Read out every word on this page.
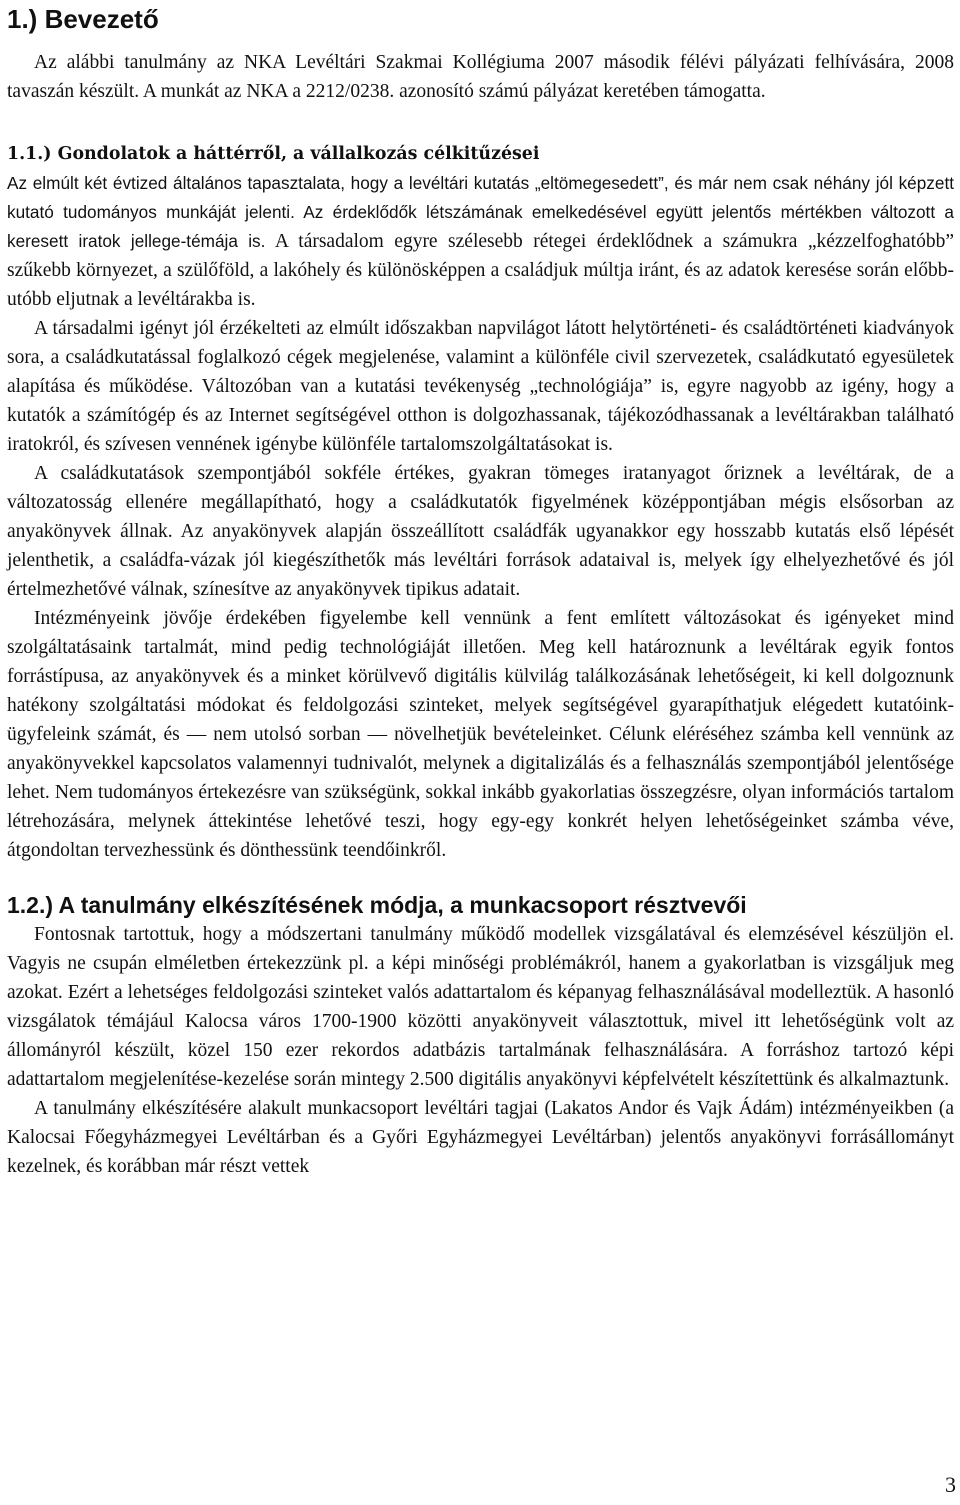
1.) Bevezető

Az alábbi tanulmány az NKA Levéltári Szakmai Kollégiuma 2007 második félévi pályázati felhívására, 2008 tavaszán készült. A munkát az NKA a 2212/0238. azonosító számú pályázat keretében támogatta.

1.1.) Gondolatok a háttérről, a vállalkozás célkitűzései

Az elmúlt két évtized általános tapasztalata, hogy a levéltári kutatás „eltömegesedett”, és már nem csak néhány jól képzett kutató tudományos munkáját jelenti. Az érdeklődők létszámának emelkedésével együtt jelentős mértékben változott a keresett iratok jellege-témája is. A társadalom egyre szélesebb rétegei érdeklődnek a számukra „kézzelfoghatóbb” szűkebb környezet, a szülőföld, a lakóhely és különösképpen a családjuk múltja iránt, és az adatok keresése során előbb-utóbb eljutnak a levéltárakba is.

A társadalmi igényt jól érzékelteti az elmúlt időszakban napvilágot látott helytörténeti- és családtörténeti kiadványok sora, a családkutatással foglalkozó cégek megjelenése, valamint a különféle civil szervezetek, családkutató egyesületek alapítása és működése. Változóban van a kutatási tevékenység „technológiája” is, egyre nagyobb az igény, hogy a kutatók a számítógép és az Internet segítségével otthon is dolgozhassanak, tájékozódhassanak a levéltárakban található iratokról, és szívesen vennének igénybe különféle tartalomszolgáltatásokat is.

A családkutatások szempontjából sokféle értékes, gyakran tömeges iratanyagot őriznek a levéltárak, de a változatosság ellenére megállapítható, hogy a családkutatók figyelmének középpontjában mégis elsősorban az anyakönyvek állnak. Az anyakönyvek alapján összeállított családfák ugyanakkor egy hosszabb kutatás első lépését jelenthetik, a családfa-vázak jól kiegészíthetők más levéltári források adataival is, melyek így elhelyezhetővé és jól értelmezhetővé válnak, színesítve az anyakönyvek tipikus adatait.

Intézményeink jövője érdekében figyelembe kell vennünk a fent említett változásokat és igényeket mind szolgáltatásaink tartalmát, mind pedig technológiáját illetően. Meg kell határoznunk a levéltárak egyik fontos forrástípusa, az anyakönyvek és a minket körülvevő digitális külvilág találkozásának lehetőségeit, ki kell dolgoznunk hatékony szolgáltatási módokat és feldolgozási szinteket, melyek segítségével gyarapíthatjuk elégedett kutatóink-ügyfeleink számát, és — nem utolsó sorban — növelhetjük bevételeinket. Célunk eléréséhez számba kell vennünk az anyakönyvekkel kapcsolatos valamennyi tudnivalót, melynek a digitalizálás és a felhasználás szempontjából jelentősége lehet. Nem tudományos értekezésre van szükségünk, sokkal inkább gyakorlatias összegzésre, olyan információs tartalom létrehozására, melynek áttekintése lehetővé teszi, hogy egy-egy konkrét helyen lehetőségeinket számba véve, átgondoltan tervezhessünk és dönthessünk teendőinkről.

1.2.) A tanulmány elkészítésének módja, a munkacsoport résztvevői

Fontosnak tartottuk, hogy a módszertani tanulmány működő modellek vizsgálatával és elemzésével készüljön el. Vagyis ne csupán elméletben értekezzünk pl. a képi minőségi problémákról, hanem a gyakorlatban is vizsgáljuk meg azokat. Ezért a lehetséges feldolgozási szinteket valós adattartalom és képanyag felhasználásával modelleztük. A hasonló vizsgálatok témájául Kalocsa város 1700-1900 közötti anyakönyveit választottuk, mivel itt lehetőségünk volt az állományról készült, közel 150 ezer rekordos adatbázis tartalmának felhasználására. A forráshoz tartozó képi adattartalom megjelenítése-kezelése során mintegy 2.500 digitális anyakönyvi képfelvételt készítettünk és alkalmaztunk.

A tanulmány elkészítésére alakult munkacsoport levéltári tagjai (Lakatos Andor és Vajk Ádám) intézményeikben (a Kalocsai Főegyházmegyei Levéltárban és a Győri Egyházmegyei Levéltárban) jelentős anyakönyvi forrásállományt kezelnek, és korábban már részt vettek

3
